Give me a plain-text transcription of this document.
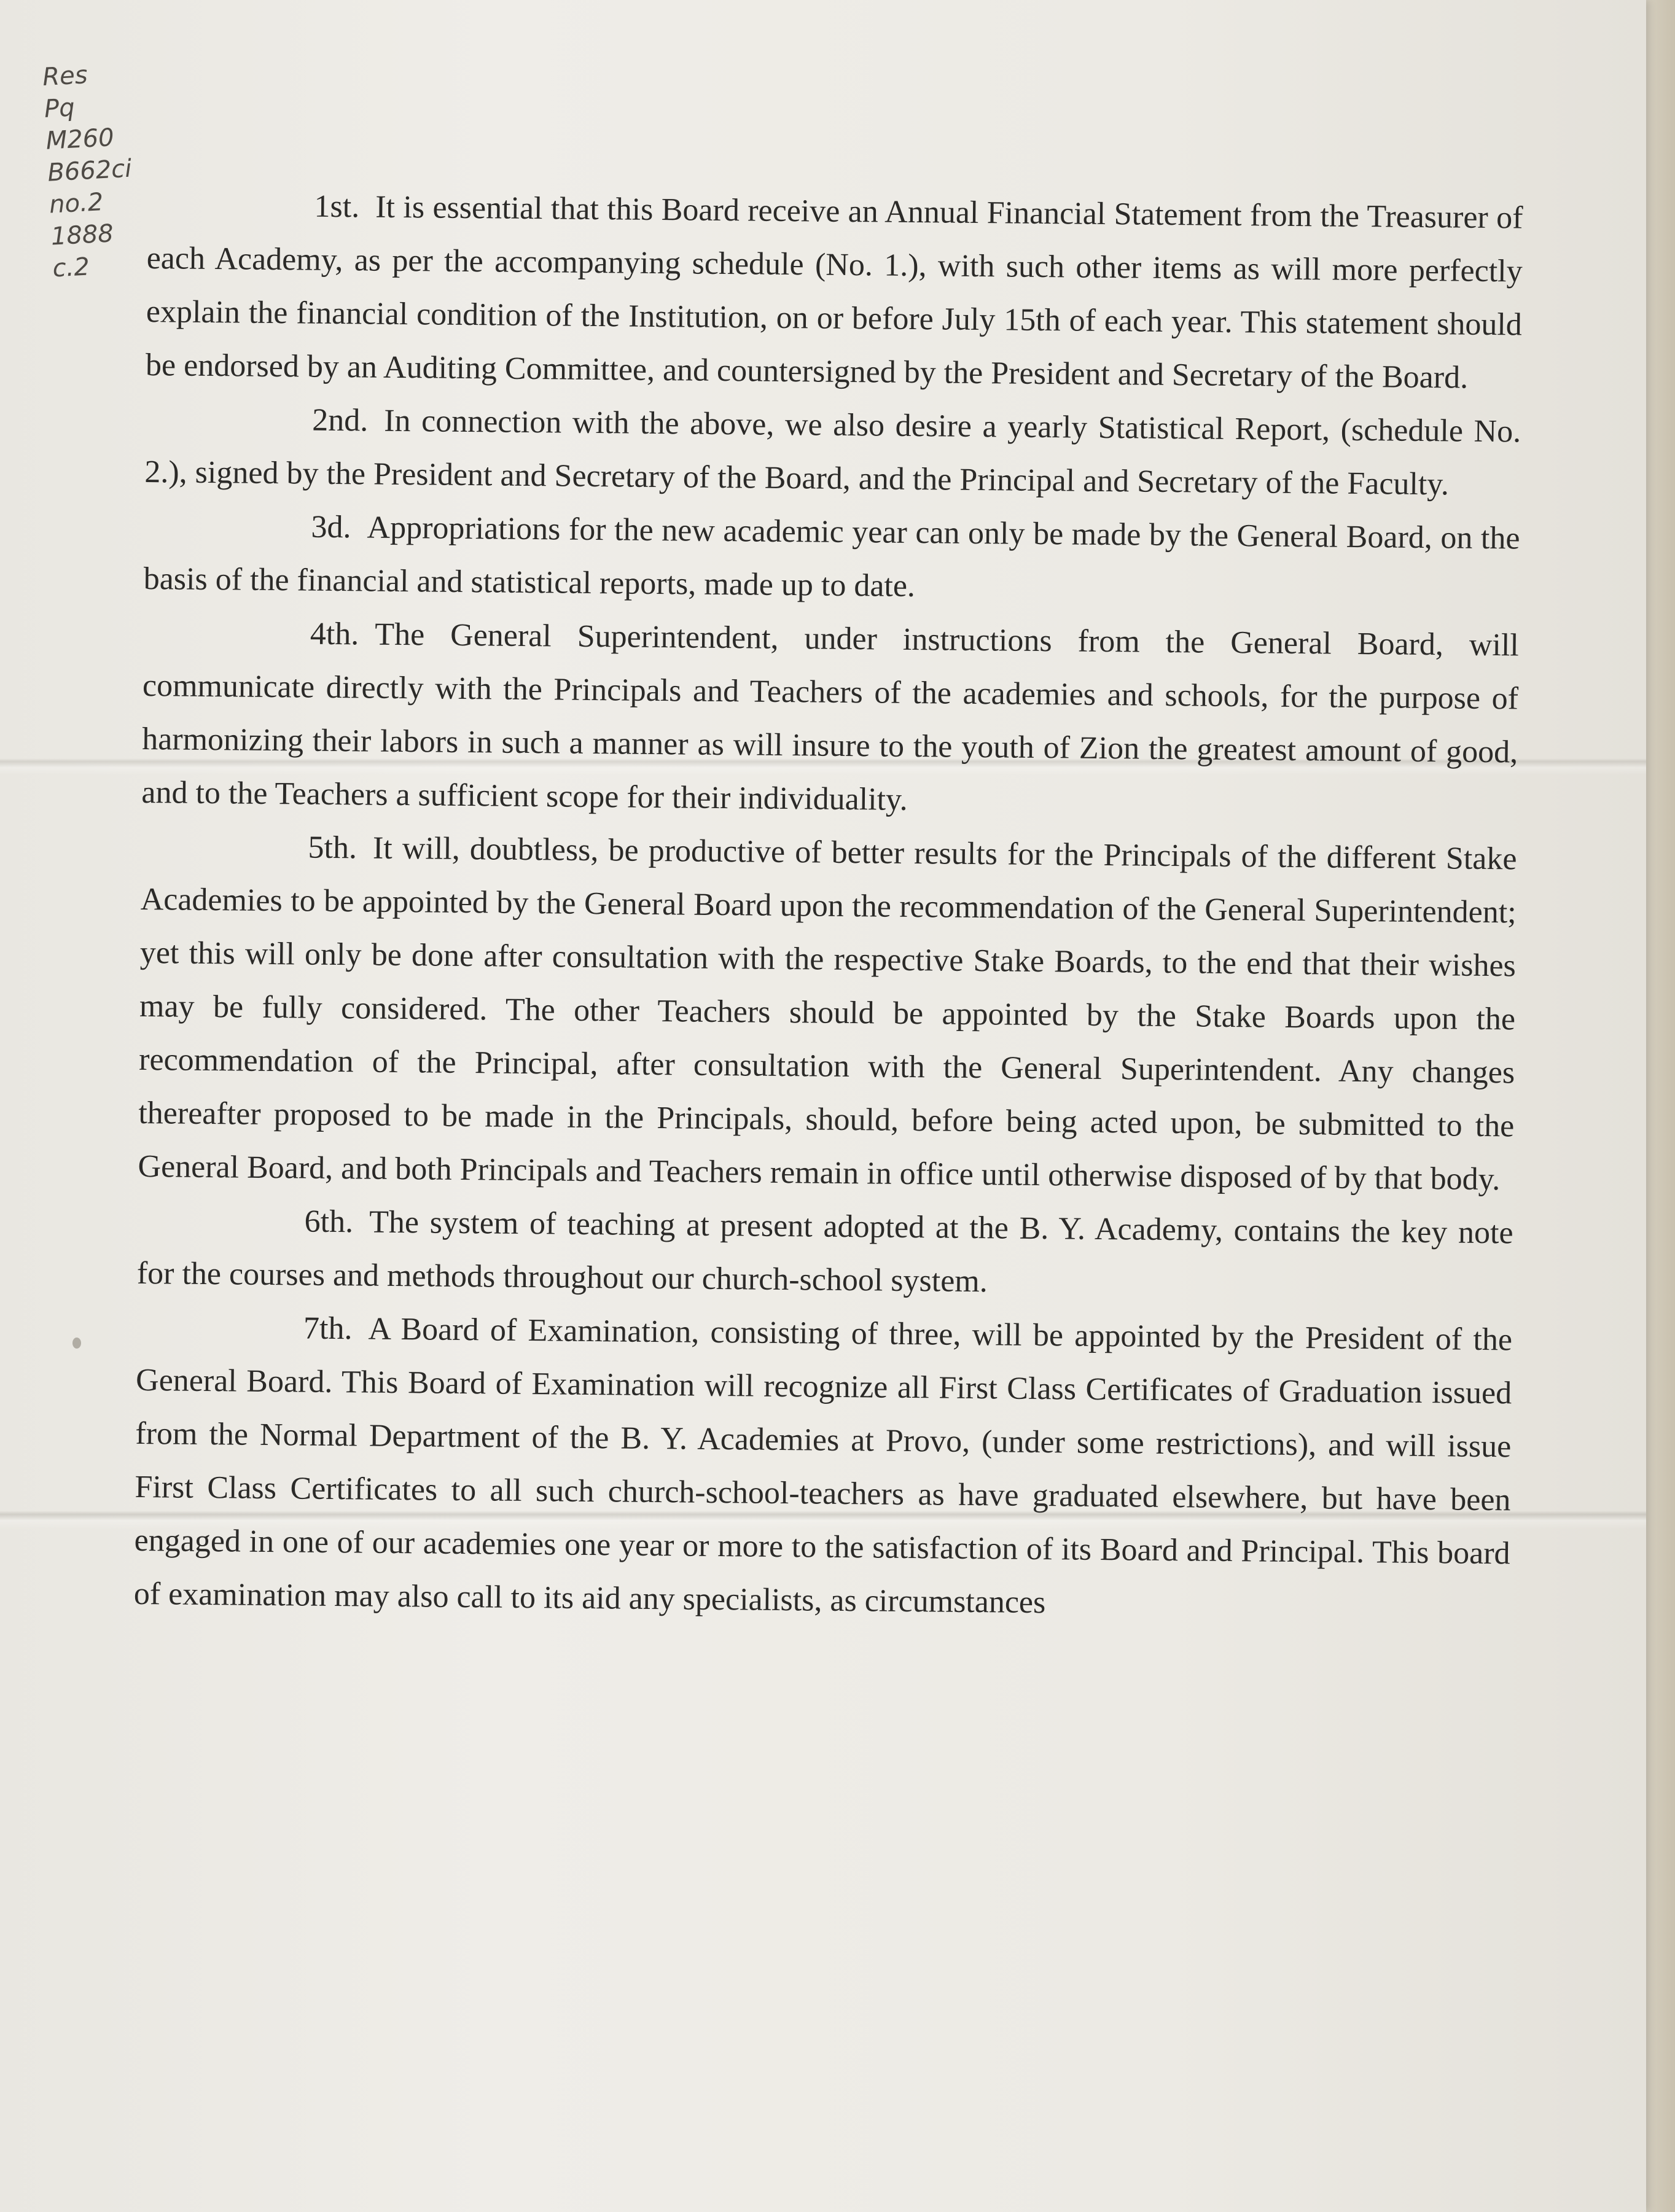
Res
Pq
M260
B662ci
no.2
1888
c.2

1st. It is essential that this Board receive an Annual Financial Statement from the Treasurer of each Academy, as per the accompanying schedule (No. 1.), with such other items as will more perfectly explain the financial condition of the Institution, on or before July 15th of each year. This statement should be endorsed by an Auditing Committee, and countersigned by the President and Secretary of the Board.

2nd. In connection with the above, we also desire a yearly Statistical Report, (schedule No. 2.), signed by the President and Secretary of the Board, and the Principal and Secretary of the Faculty.

3d. Appropriations for the new academic year can only be made by the General Board, on the basis of the financial and statistical reports, made up to date.

4th. The General Superintendent, under instructions from the General Board, will communicate directly with the Principals and Teachers of the academies and schools, for the purpose of harmonizing their labors in such a manner as will insure to the youth of Zion the greatest amount of good, and to the Teachers a sufficient scope for their individuality.

5th. It will, doubtless, be productive of better results for the Principals of the different Stake Academies to be appointed by the General Board upon the recommendation of the General Superintendent; yet this will only be done after consultation with the respective Stake Boards, to the end that their wishes may be fully considered. The other Teachers should be appointed by the Stake Boards upon the recommendation of the Principal, after consultation with the General Superintendent. Any changes thereafter proposed to be made in the Principals, should, before being acted upon, be submitted to the General Board, and both Principals and Teachers remain in office until otherwise disposed of by that body.

6th. The system of teaching at present adopted at the B. Y. Academy, contains the key note for the courses and methods throughout our church-school system.

7th. A Board of Examination, consisting of three, will be appointed by the President of the General Board. This Board of Examination will recognize all First Class Certificates of Graduation issued from the Normal Department of the B. Y. Academies at Provo, (under some restrictions), and will issue First Class Certificates to all such church-school-teachers as have graduated elsewhere, but have been engaged in one of our academies one year or more to the satisfaction of its Board and Principal. This board of examination may also call to its aid any specialists, as circumstances
